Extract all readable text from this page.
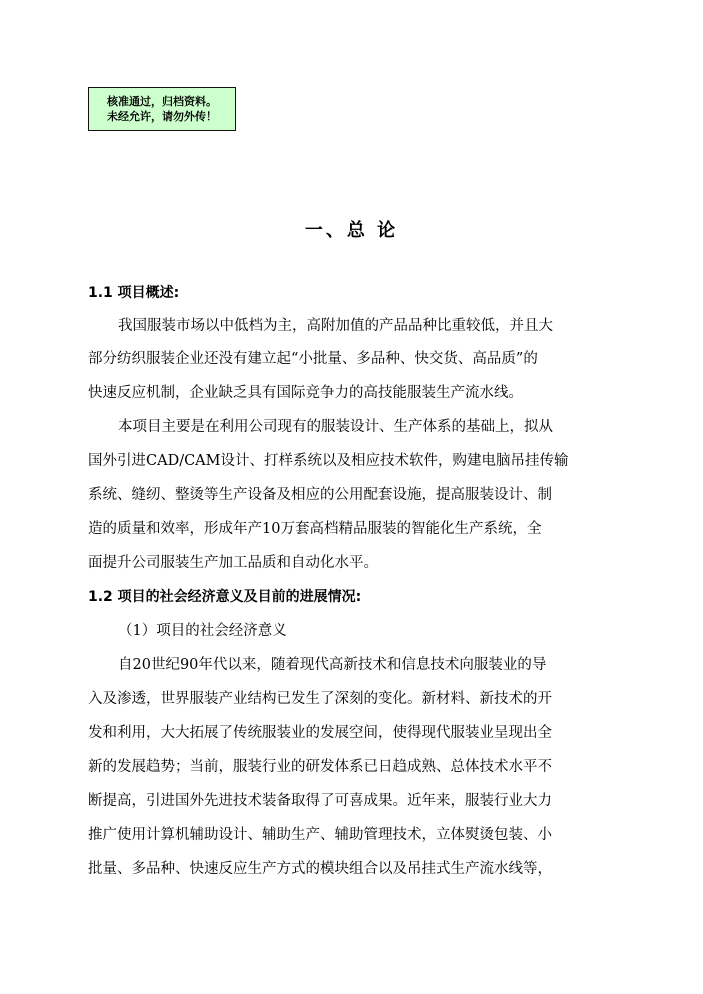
核准通过，归档资料。
未经允许，请勿外传！
一、总 论
1.1 项目概述:
我国服装市场以中低档为主，高附加值的产品品种比重较低，并且大
部分纺织服装企业还没有建立起“小批量、多品种、快交货、高品质”的
快速反应机制，企业缺乏具有国际竞争力的高技能服装生产流水线。
本项目主要是在利用公司现有的服装设计、生产体系的基础上，拟从
国外引进CAD/CAM设计、打样系统以及相应技术软件，购建电脑吊挂传输
系统、缝纫、整烫等生产设备及相应的公用配套设施，提高服装设计、制
造的质量和效率，形成年产10万套高档精品服装的智能化生产系统，全
面提升公司服装生产加工品质和自动化水平。
1.2 项目的社会经济意义及目前的进展情况:
（1）项目的社会经济意义
自20世纪90年代以来，随着现代高新技术和信息技术向服装业的导
入及渗透，世界服装产业结构已发生了深刻的变化。新材料、新技术的开
发和利用，大大拓展了传统服装业的发展空间，使得现代服装业呈现出全
新的发展趋势；当前，服装行业的研发体系已日趋成熟、总体技术水平不
断提高，引进国外先进技术装备取得了可喜成果。近年来，服装行业大力
推广使用计算机辅助设计、辅助生产、辅助管理技术，立体熨烫包装、小
批量、多品种、快速反应生产方式的模块组合以及吊挂式生产流水线等，
